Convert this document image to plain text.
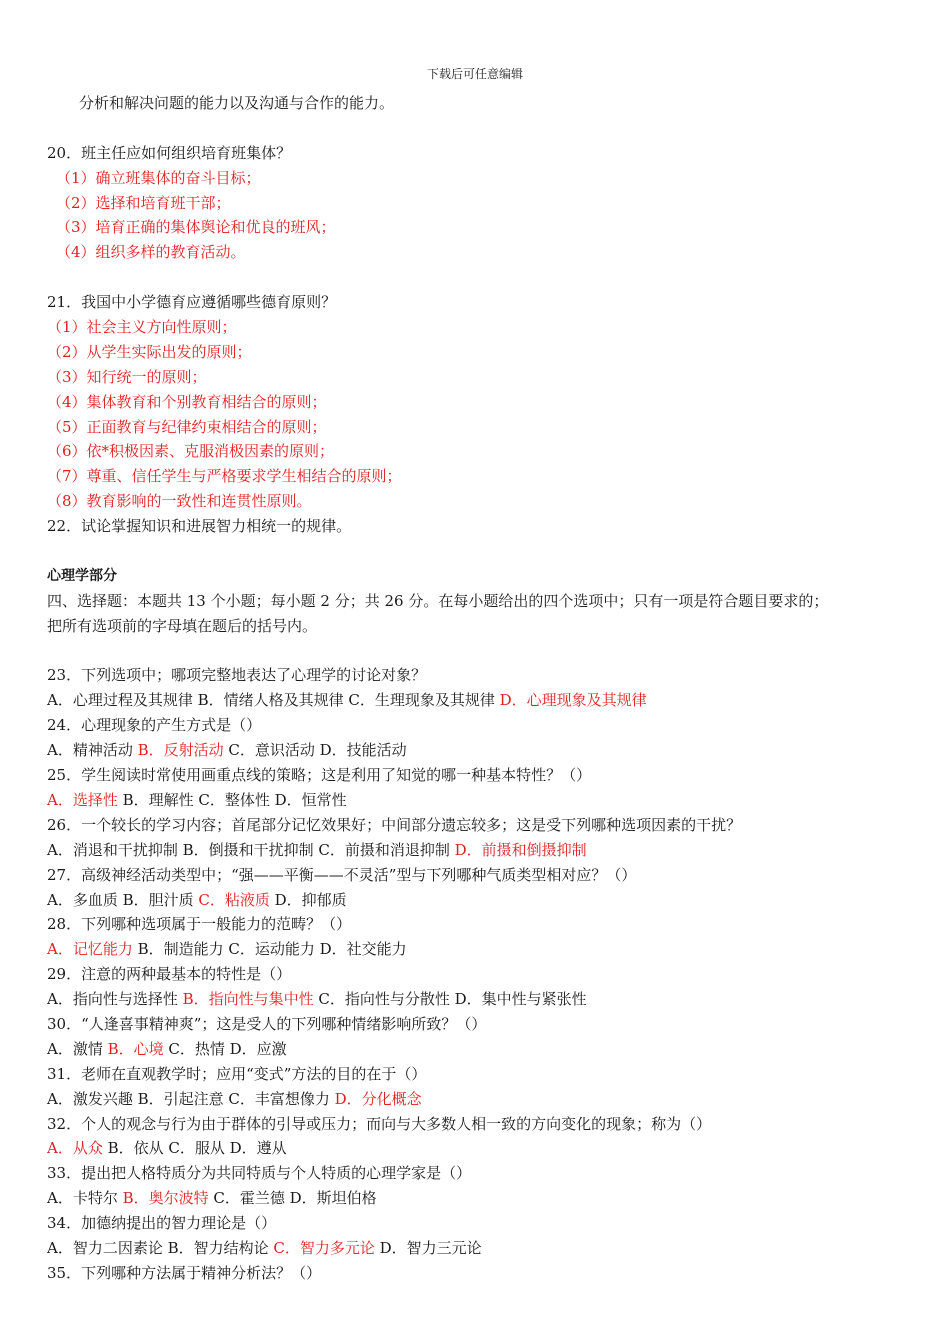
下载后可任意编辑
分析和解决问题的能力以及沟通与合作的能力。
20．班主任应如何组织培育班集体？
（1）确立班集体的奋斗目标；
（2）选择和培育班干部；
（3）培育正确的集体舆论和优良的班风；
（4）组织多样的教育活动。
21．我国中小学德育应遵循哪些德育原则？
（1）社会主义方向性原则；
（2）从学生实际出发的原则；
（3）知行统一的原则；
（4）集体教育和个别教育相结合的原则；
（5）正面教育与纪律约束相结合的原则；
（6）依*积极因素、克服消极因素的原则；
（7）尊重、信任学生与严格要求学生相结合的原则；
（8）教育影响的一致性和连贯性原则。
22．试论掌握知识和进展智力相统一的规律。
心理学部分
四、选择题：本题共 13 个小题；每小题 2 分；共 26 分。在每小题给出的四个选项中；只有一项是符合题目要求的；
把所有选项前的字母填在题后的括号内。
23．下列选项中；哪项完整地表达了心理学的讨论对象？
A．心理过程及其规律 B．情绪人格及其规律 C．生理现象及其规律 D．心理现象及其规律
24．心理现象的产生方式是（）
A．精神活动 B．反射活动 C．意识活动 D．技能活动
25．学生阅读时常使用画重点线的策略；这是利用了知觉的哪一种基本特性？（）
A．选择性 B．理解性 C．整体性 D．恒常性
26．一个较长的学习内容；首尾部分记忆效果好；中间部分遗忘较多；这是受下列哪种选项因素的干扰？
A．消退和干扰抑制 B．倒摄和干扰抑制 C．前摄和消退抑制 D．前摄和倒摄抑制
27．高级神经活动类型中；“强——平衡——不灵活”型与下列哪种气质类型相对应？（）
A．多血质 B．胆汁质 C．粘液质 D．抑郁质
28．下列哪种选项属于一般能力的范畴？（）
A．记忆能力 B．制造能力 C．运动能力 D．社交能力
29．注意的两种最基本的特性是（）
A．指向性与选择性 B．指向性与集中性 C．指向性与分散性 D．集中性与紧张性
30．“人逢喜事精神爽”；这是受人的下列哪种情绪影响所致？（）
A．激情 B．心境 C．热情 D．应激
31．老师在直观教学时；应用“变式”方法的目的在于（）
A．激发兴趣 B．引起注意 C．丰富想像力 D．分化概念
32．个人的观念与行为由于群体的引导或压力；而向与大多数人相一致的方向变化的现象；称为（）
A．从众 B．依从 C．服从 D．遵从
33．提出把人格特质分为共同特质与个人特质的心理学家是（）
A．卡特尔 B．奥尔波特 C．霍兰德 D．斯坦伯格
34．加德纳提出的智力理论是（）
A．智力二因素论 B．智力结构论 C．智力多元论 D．智力三元论
35．下列哪种方法属于精神分析法？（）
